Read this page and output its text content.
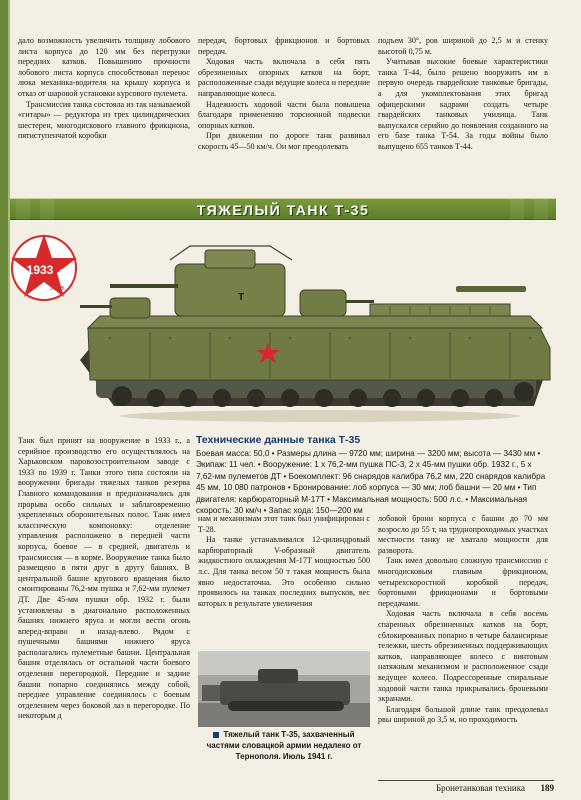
дало возможность увеличить толщину лобового листа корпуса до 120 мм без перегрузки передних катков. Повышению прочности лобового листа корпуса способствовал перенос люка механика-водителя на крышу корпуса и отказ от шаровой установки курсового пулемета.

Трансмиссия танка состояла из так называемой «гитары» — редуктора из трех цилиндрических шестерен, многодискового главного фрикциона, пятиступенчатой коробки

передач, бортовых фрикционов и бортовых передач.

Ходовая часть включала в себя пять обрезиненных опорных катков на борт, расположенные сзади ведущие колеса и передние направляющие колеса.

Надежность ходовой части была повышена благодаря применению торсионной подвески опорных катков.

При движении по дороге танк развивал скорость 45—50 км/ч. Он мог преодолевать

подъем 30°, ров шириной до 2,5 м и стенку высотой 0,75 м.

Учитывая высокие боевые характеристики танка Т-44, было решено вооружить им в первую очередь гвардейские танковые бригады, а для укомплектования этих бригад офицерскими кадрами создать четыре гвардейских танковых училища. Танк выпускался серийно до появления созданного на его базе танка Т-54. За годы войны было выпущено 655 танков Т-44.

ТЯЖЕЛЫЙ ТАНК Т-35
1933 г.
Утв.
Т
Технические данные танка Т-35
Боевая масса: 50,0 • Размеры длина — 9720 мм; ширина — 3200 мм; высота — 3430 мм • Экипаж: 11 чел. • Вооружение: 1 х 76,2-мм пушка ПС-3, 2 х 45-мм пушки обр. 1932 г., 5 х 7,62-мм пулеметов ДТ • Боекомплект: 96 снарядов калибра 76,2 мм, 220 снарядов калибра 45 мм, 10 080 патронов • Бронирование: лоб корпуса — 30 мм; лоб башни — 20 мм • Тип двигателя: карбюраторный М-17Т • Максимальная мощность: 500 л.с. • Максимальная скорость: 30 км/ч • Запас хода: 150—200 км

Танк был принят на вооружение в 1933 г., а серийное производство его осуществлялось на Харьковском паровозостроительном заводе с 1933 по 1939 г. Танки этого типа состояли на вооружении бригады тяжелых танков резерва Главного командования и предназначались для прорыва особо сильных и заблаговременно укрепленных оборонительных полос. Танк имел классическую компоновку: отделение управления расположено в передней части корпуса, боевое — в средней, двигатель и трансмиссия — в корме. Вооружение танка было размещено в пяти друг в другу башнях. В центральной башне кругового вращения было смонтированы 76,2-мм пушка и 7,62-мм пулемет ДТ. Две 45-мм пушки обр. 1932 г. были установлены в диагонально расположенных башнях нижнего яруса и могли вести огонь вперед-вправо и назад-влево. Рядом с пушечными башнями нижнего яруса располагались пулеметные башни. Центральная башня отделялась от остальной части боевого отделения перегородкой. Передние и задние башни попарно соединялись между собой, переднее управление соединялось с боевым отделением через боковой лаз в перегородке. По некоторым д

нам и механизмам этот танк был унифицирован с Т-28.

На танке устанавливался 12-цилиндровый карбюраторный V-образный двигатель жидкостного охлаждения М-17Т мощностью 500 л.с. Для танка весом 50 т такая мощность была явно недостаточна. Это особенно сильно проявилось на танках последних выпусков, вес которых в результате увеличения

лобовой брони корпуса с башни до 70 мм возросло до 55 т, на труднопроходимых участках местности танку не хватало мощности для разворота.

Танк имел довольно сложную трансмиссию с многодисковым главным фрикционом, четырехскоростной коробкой передач, бортовыми фрикционами и бортовыми передачами.

Ходовая часть включала в себя восемь спаренных обрезиненных катков на борт, сблокированных попарно в четыре балансирные тележки, шесть обрезиненных поддерживающих катков, направляющее колесо с винтовым натяжным механизмом и расположенное сзади ведущее колесо. Подрессоренные спиральные ходовой части танка прикрывались броневыми экранами.

Благодаря большой длине танк преодолевал рвы шириной до 3,5 м, но проходимость

Тяжелый танк Т-35, захваченный частями словацкой армии недалеко от Тернополя. Июль 1941 г.
Бронетанковая техника 189
